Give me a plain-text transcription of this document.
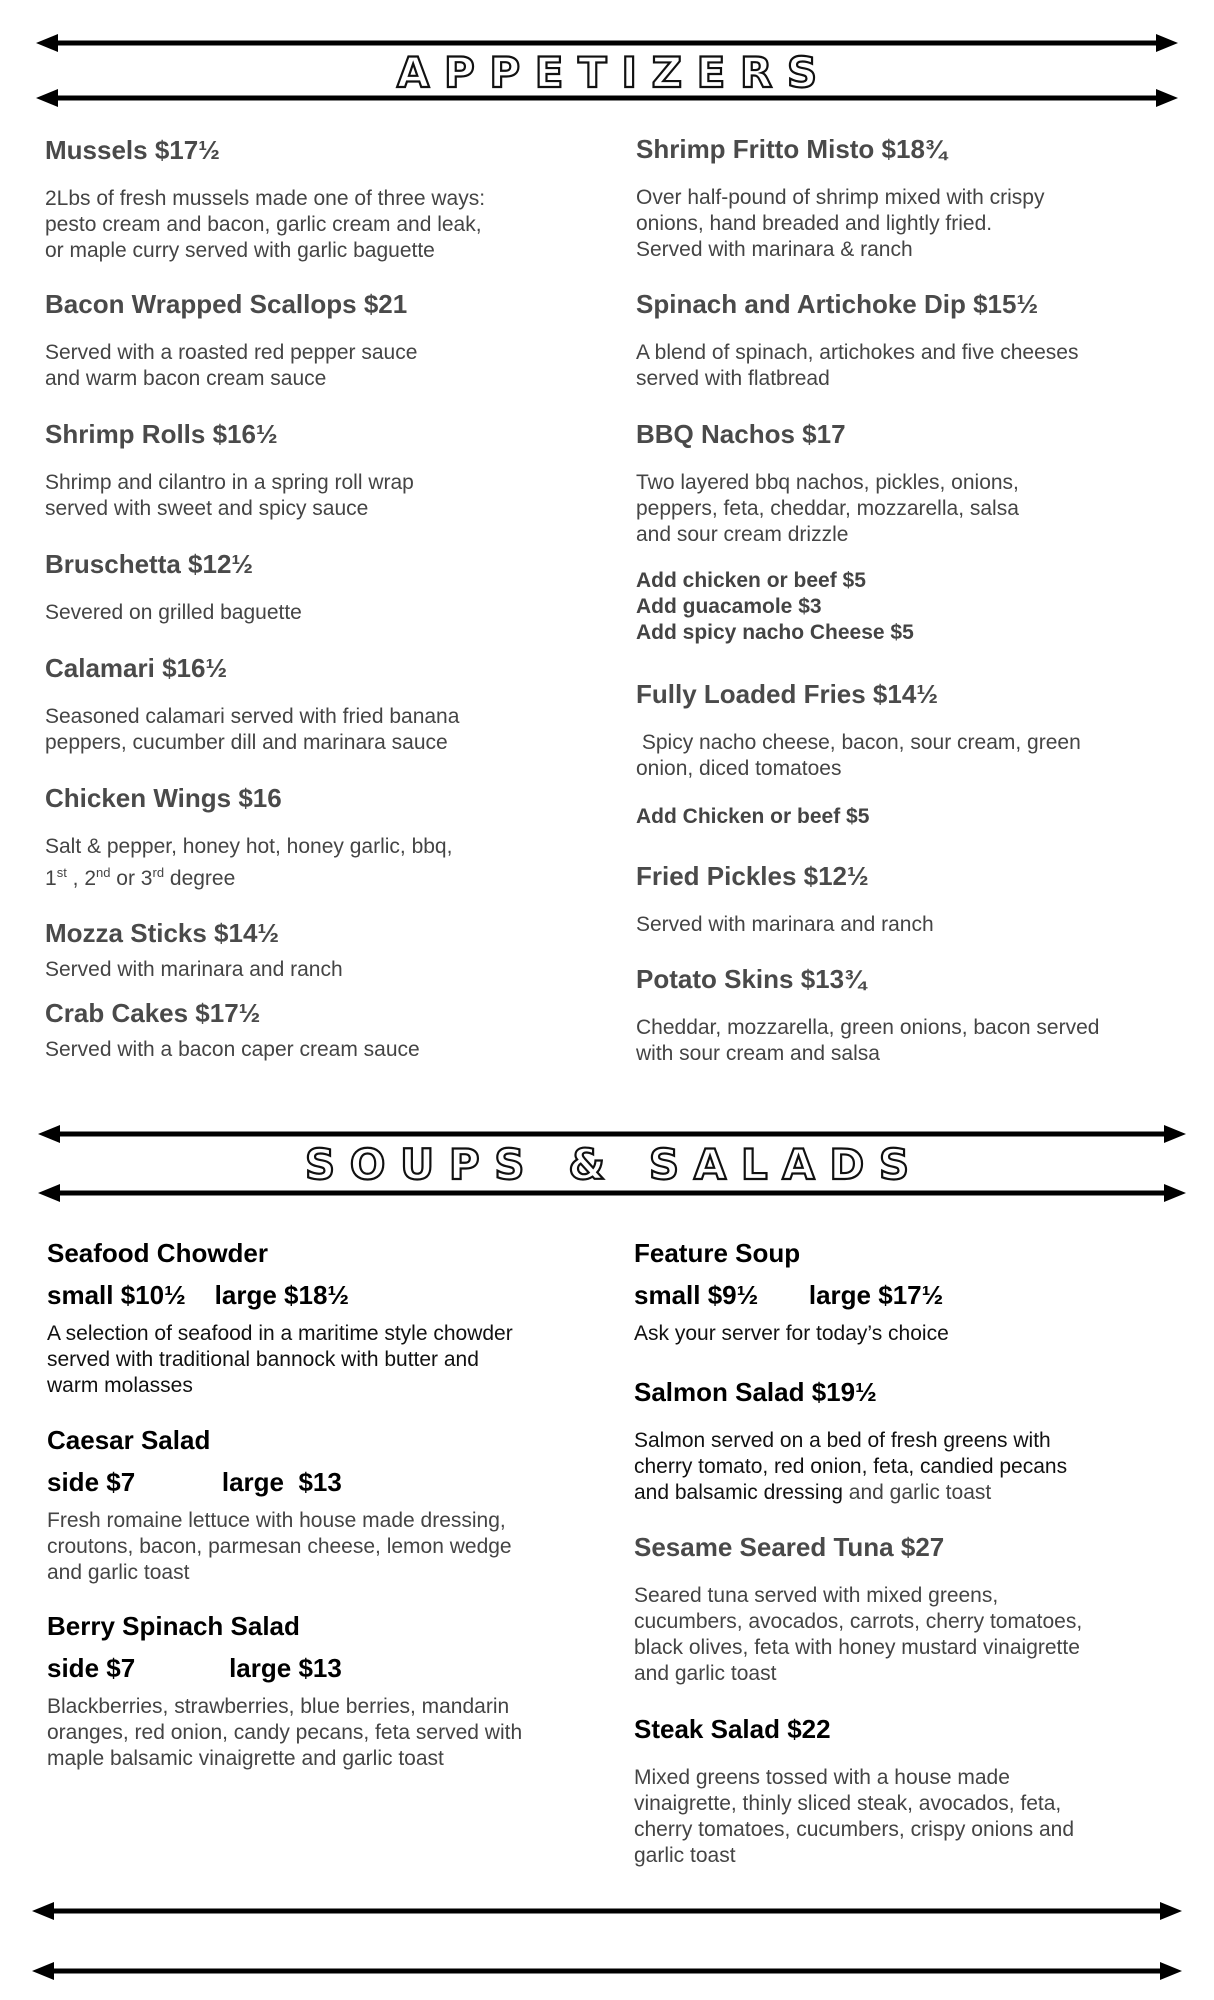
A P P E T I Z E R S

Mussels $17½

2Lbs of fresh mussels made one of three ways:
pesto cream and bacon, garlic cream and leak,
or maple curry served with garlic baguette

Bacon Wrapped Scallops $21

Served with a roasted red pepper sauce
and warm bacon cream sauce

Shrimp Rolls $16½

Shrimp and cilantro in a spring roll wrap
served with sweet and spicy sauce

Bruschetta $12½

Severed on grilled baguette

Calamari $16½

Seasoned calamari served with fried banana
peppers, cucumber dill and marinara sauce

Chicken Wings $16

Salt & pepper, honey hot, honey garlic, bbq,

1st , 2nd or 3rd degree

Mozza Sticks $14½

Served with marinara and ranch

Crab Cakes $17½

Served with a bacon caper cream sauce

Shrimp Fritto Misto $18¾

Over half-pound of shrimp mixed with crispy
onions, hand breaded and lightly fried.
Served with marinara & ranch

Spinach and Artichoke Dip $15½

A blend of spinach, artichokes and five cheeses
served with flatbread

BBQ Nachos $17

Two layered bbq nachos, pickles, onions,
peppers, feta, cheddar, mozzarella, salsa
and sour cream drizzle

Add chicken or beef $5

Add guacamole $3

Add spicy nacho Cheese $5

Fully Loaded Fries $14½

Spicy nacho cheese, bacon, sour cream, green
onion, diced tomatoes

Add Chicken or beef $5

Fried Pickles $12½

Served with marinara and ranch

Potato Skins $13¾

Cheddar, mozzarella, green onions, bacon served
with sour cream and salsa

S O U P S   &   S A L A D S

Seafood Chowder

small $10½    large $18½

A selection of seafood in a maritime style chowder
served with traditional bannock with butter and
warm molasses

Caesar Salad

side $7            large  $13

Fresh romaine lettuce with house made dressing,
croutons, bacon, parmesan cheese, lemon wedge
and garlic toast

Berry Spinach Salad

side $7             large $13

Blackberries, strawberries, blue berries, mandarin
oranges, red onion, candy pecans, feta served with
maple balsamic vinaigrette and garlic toast

Feature Soup

small $9½       large $17½

Ask your server for today’s choice

Salmon Salad $19½

Salmon served on a bed of fresh greens with
cherry tomato, red onion, feta, candied pecans
and balsamic dressing and garlic toast

Sesame Seared Tuna $27

Seared tuna served with mixed greens,
cucumbers, avocados, carrots, cherry tomatoes,
black olives, feta with honey mustard vinaigrette
and garlic toast

Steak Salad $22

Mixed greens tossed with a house made
vinaigrette, thinly sliced steak, avocados, feta,
cherry tomatoes, cucumbers, crispy onions and
garlic toast
